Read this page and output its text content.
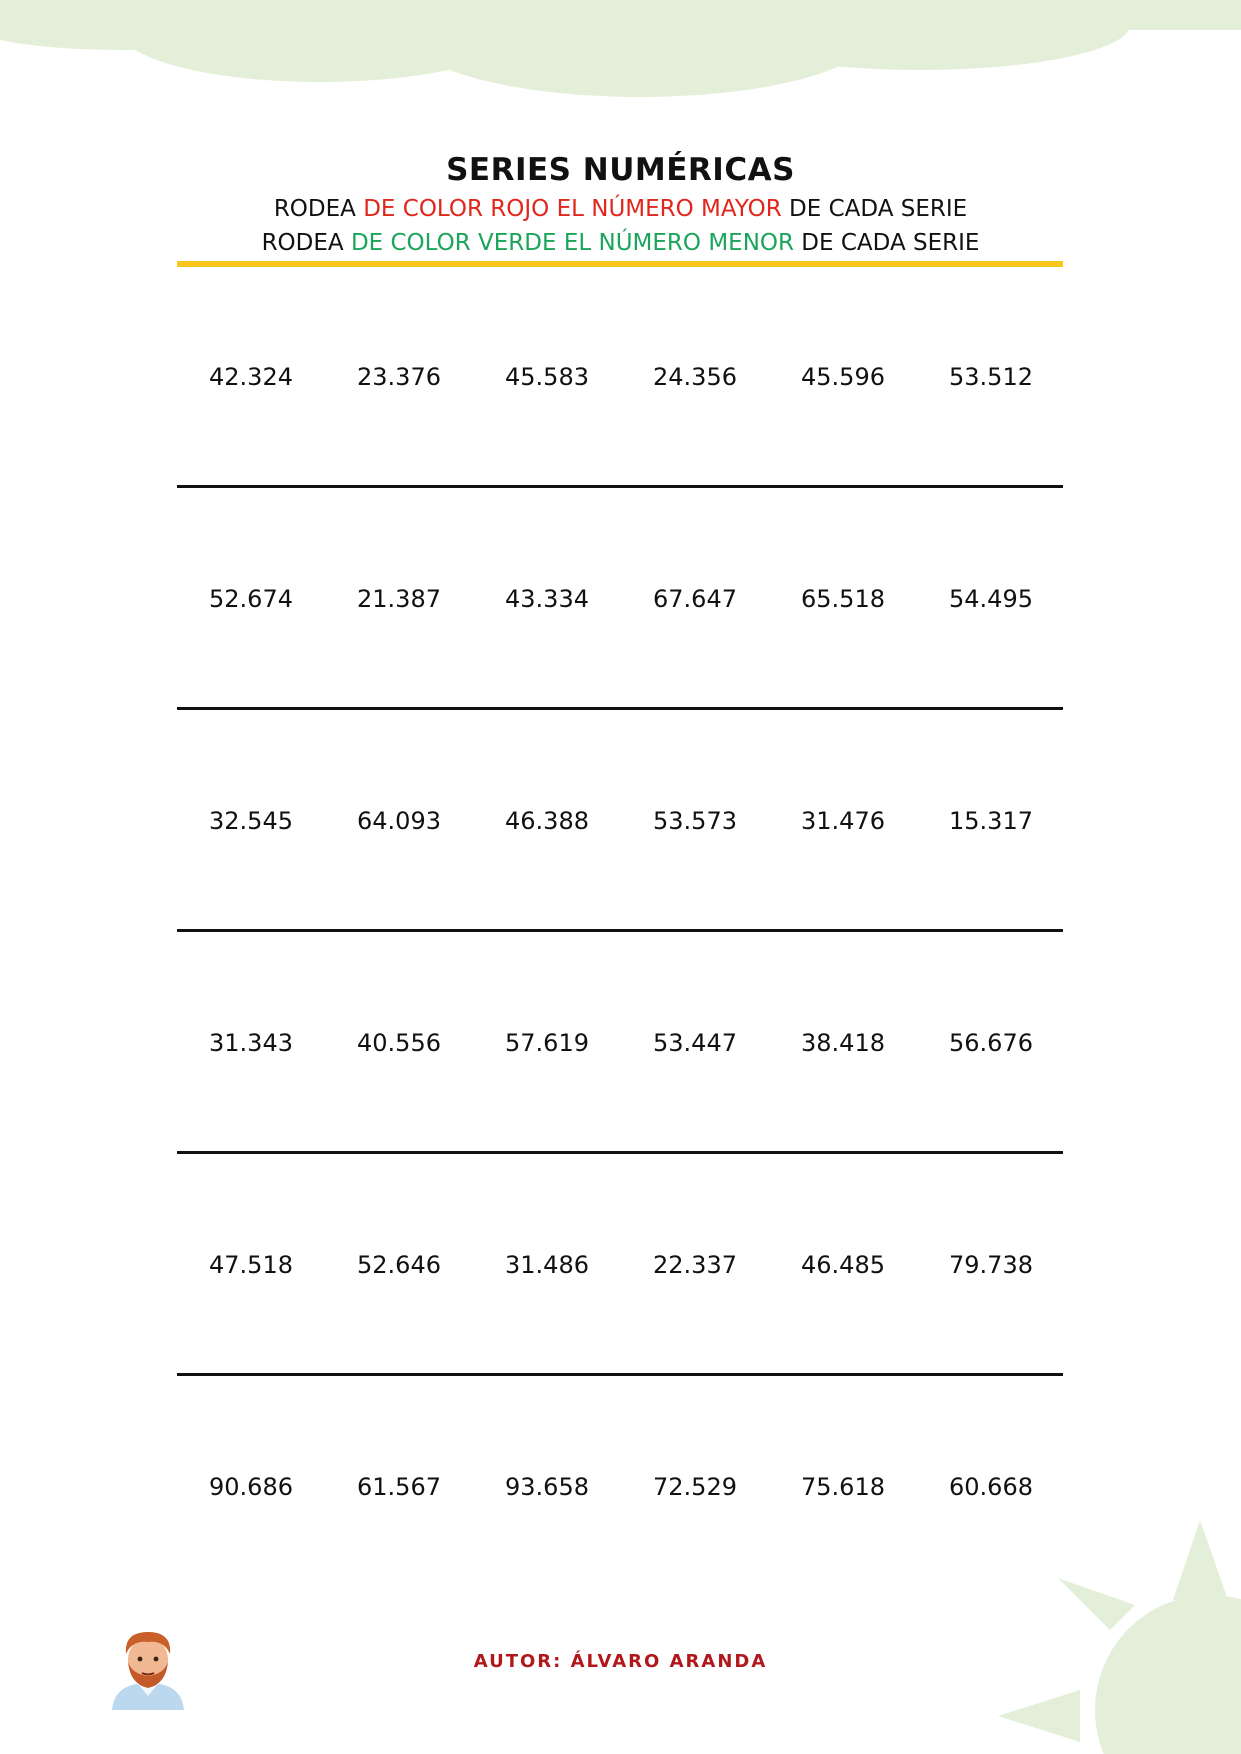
SERIES NUMÉRICAS
RODEA DE COLOR ROJO EL NÚMERO MAYOR DE CADA SERIE
RODEA DE COLOR VERDE EL NÚMERO MENOR DE CADA SERIE
42.324	23.376	45.583	24.356	45.596	53.512
52.674	21.387	43.334	67.647	65.518	54.495
32.545	64.093	46.388	53.573	31.476	15.317
31.343	40.556	57.619	53.447	38.418	56.676
47.518	52.646	31.486	22.337	46.485	79.738
90.686	61.567	93.658	72.529	75.618	60.668
AUTOR: ÁLVARO ARANDA
